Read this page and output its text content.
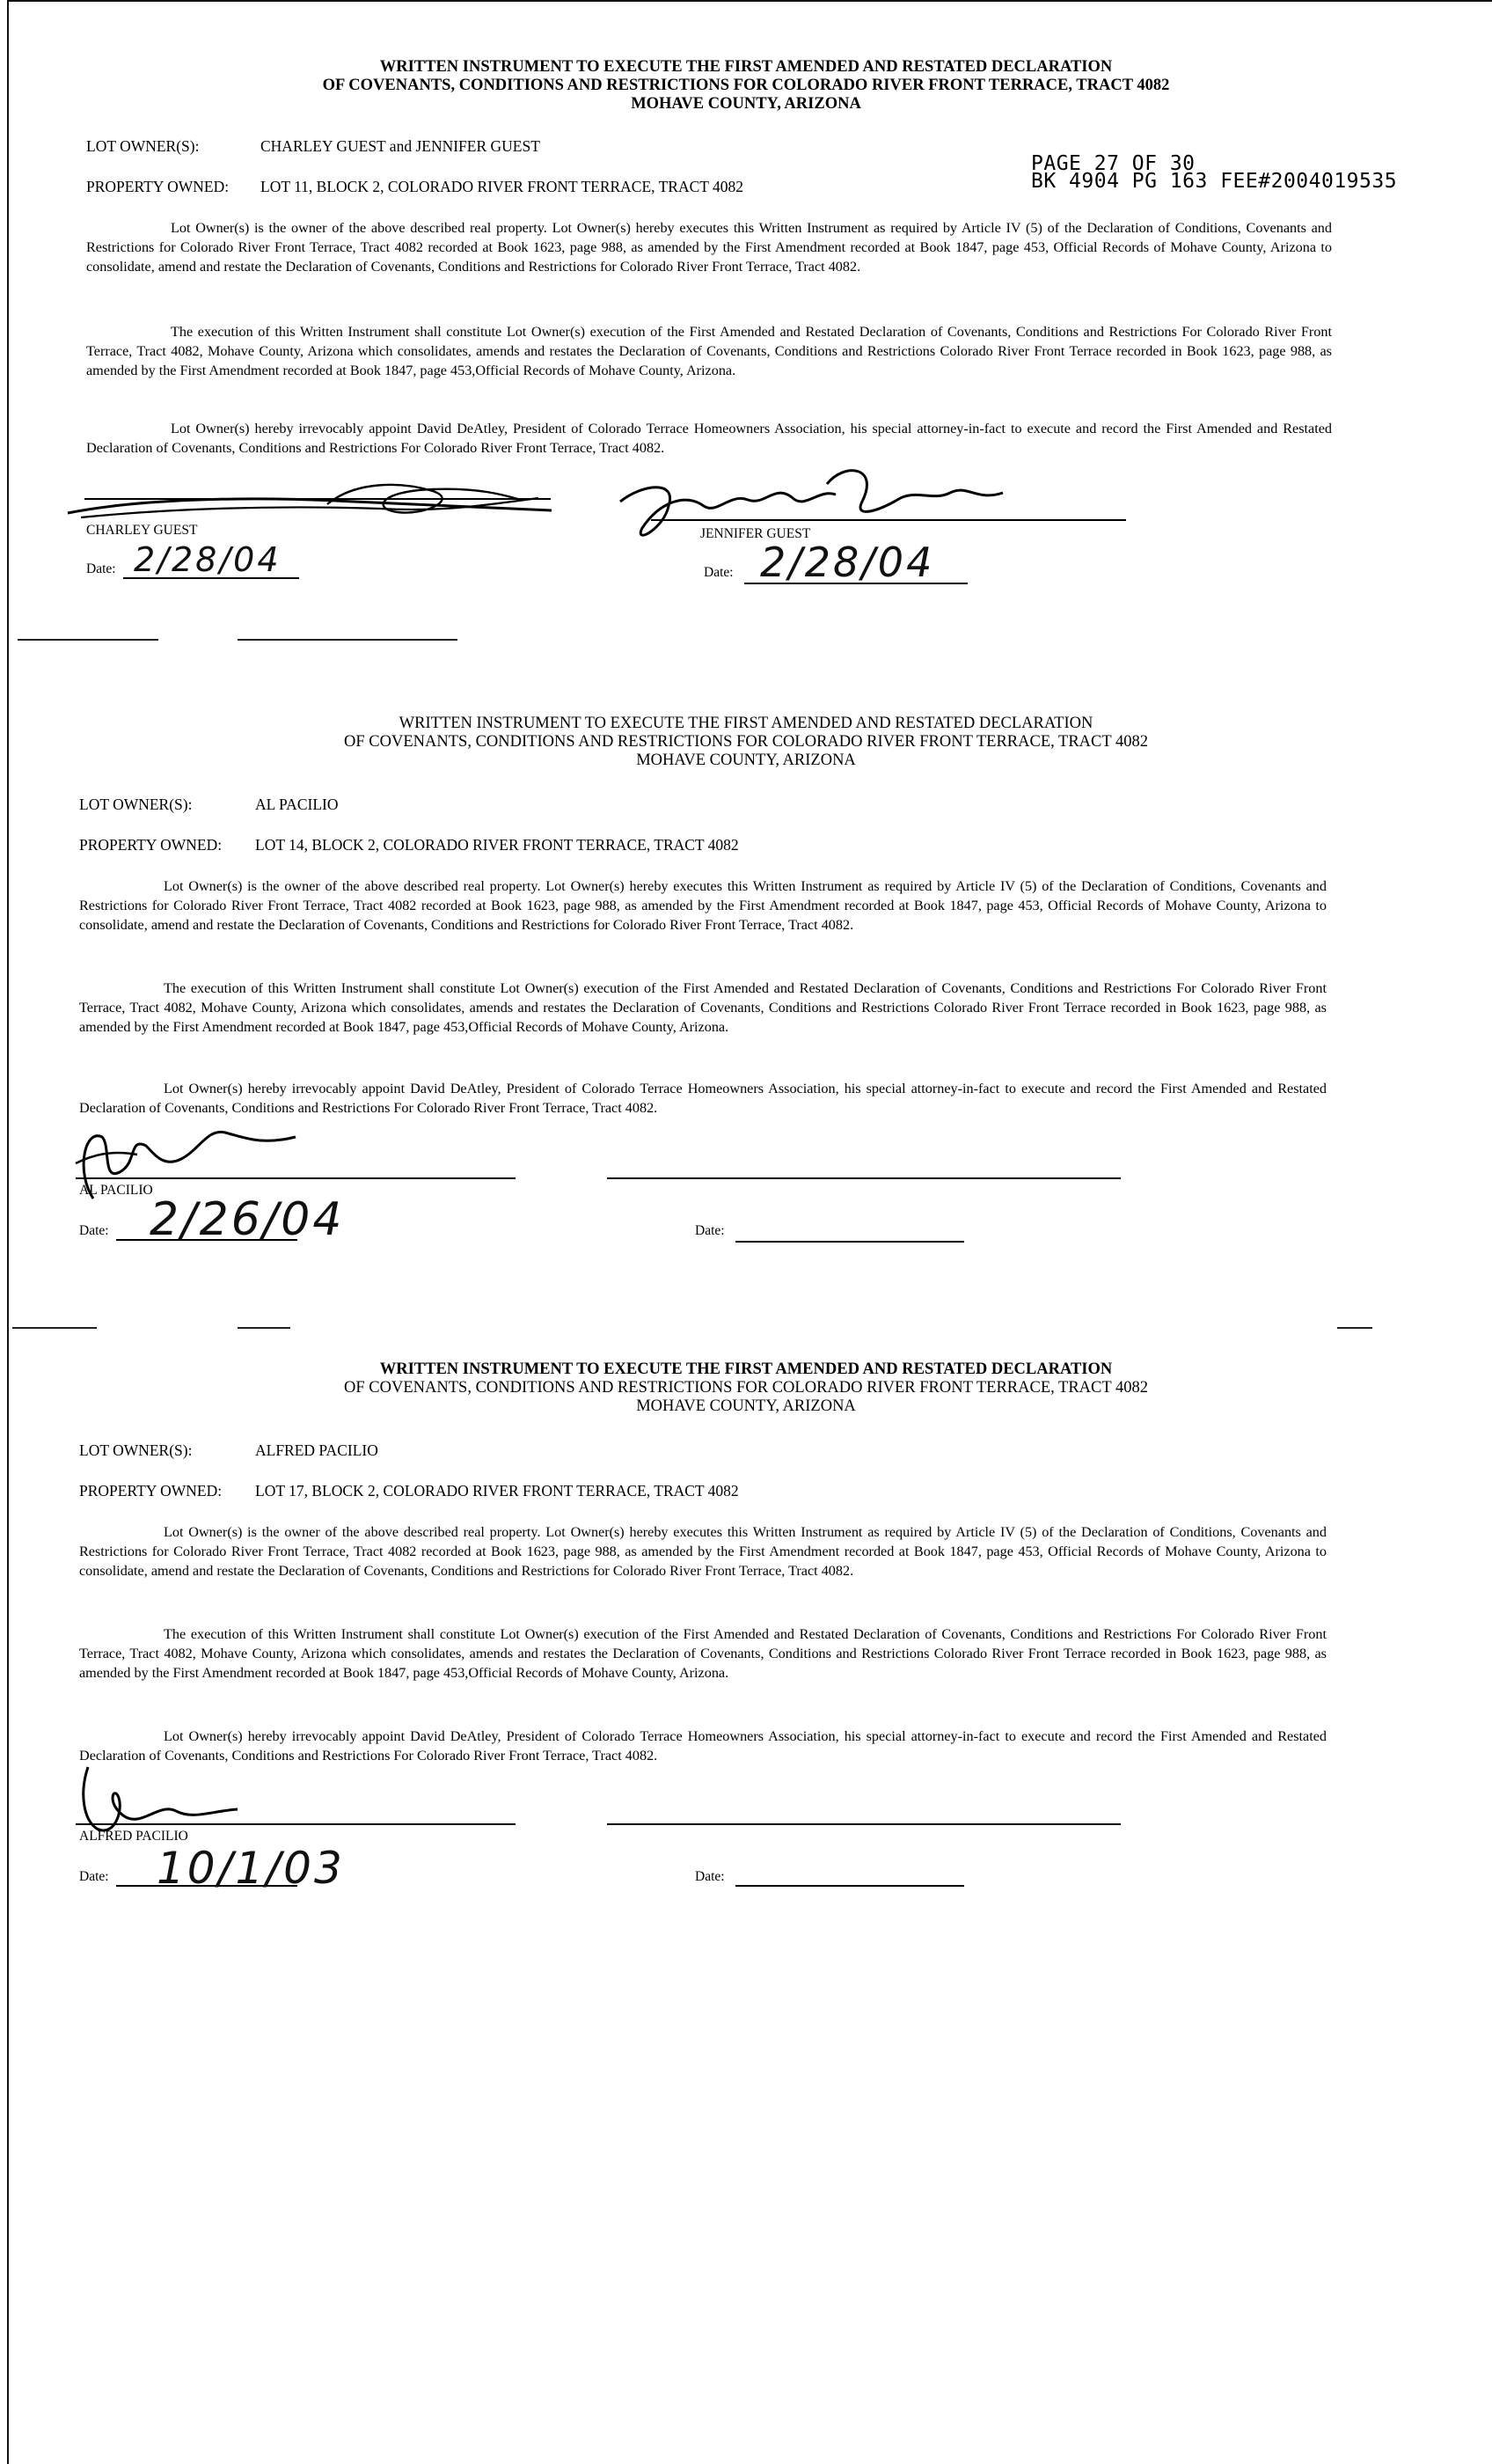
PAGE 27 OF 30
BK 4904 PG 163 FEE#2004019535
WRITTEN INSTRUMENT TO EXECUTE THE FIRST AMENDED AND RESTATED DECLARATION
OF COVENANTS, CONDITIONS AND RESTRICTIONS FOR COLORADO RIVER FRONT TERRACE, TRACT 4082
MOHAVE COUNTY, ARIZONA
LOT OWNER(S):	CHARLEY GUEST and JENNIFER GUEST
PROPERTY OWNED: LOT 11, BLOCK 2, COLORADO RIVER FRONT TERRACE, TRACT 4082
Lot Owner(s) is the owner of the above described real property. Lot Owner(s) hereby executes this Written Instrument as required by Article IV (5) of the Declaration of Conditions, Covenants and Restrictions for Colorado River Front Terrace, Tract 4082 recorded at Book 1623, page 988, as amended by the First Amendment recorded at Book 1847, page 453, Official Records of Mohave County, Arizona to consolidate, amend and restate the Declaration of Covenants, Conditions and Restrictions for Colorado River Front Terrace, Tract 4082.
The execution of this Written Instrument shall constitute Lot Owner(s) execution of the First Amended and Restated Declaration of Covenants, Conditions and Restrictions For Colorado River Front Terrace, Tract 4082, Mohave County, Arizona which consolidates, amends and restates the Declaration of Covenants, Conditions and Restrictions Colorado River Front Terrace recorded in Book 1623, page 988, as amended by the First Amendment recorded at Book 1847, page 453,Official Records of Mohave County, Arizona.
Lot Owner(s) hereby irrevocably appoint David DeAtley, President of Colorado Terrace Homeowners Association, his special attorney-in-fact to execute and record the First Amended and Restated Declaration of Covenants, Conditions and Restrictions For Colorado River Front Terrace, Tract 4082.
CHARLEY GUEST
Date: 2/28/04
JENNIFER GUEST
Date: 2/28/04
WRITTEN INSTRUMENT TO EXECUTE THE FIRST AMENDED AND RESTATED DECLARATION
OF COVENANTS, CONDITIONS AND RESTRICTIONS FOR COLORADO RIVER FRONT TERRACE, TRACT 4082
MOHAVE COUNTY, ARIZONA
LOT OWNER(S):	AL PACILIO
PROPERTY OWNED: LOT 14, BLOCK 2, COLORADO RIVER FRONT TERRACE, TRACT 4082
Lot Owner(s) is the owner of the above described real property. Lot Owner(s) hereby executes this Written Instrument as required by Article IV (5) of the Declaration of Conditions, Covenants and Restrictions for Colorado River Front Terrace, Tract 4082 recorded at Book 1623, page 988, as amended by the First Amendment recorded at Book 1847, page 453, Official Records of Mohave County, Arizona to consolidate, amend and restate the Declaration of Covenants, Conditions and Restrictions for Colorado River Front Terrace, Tract 4082.
The execution of this Written Instrument shall constitute Lot Owner(s) execution of the First Amended and Restated Declaration of Covenants, Conditions and Restrictions For Colorado River Front Terrace, Tract 4082, Mohave County, Arizona which consolidates, amends and restates the Declaration of Covenants, Conditions and Restrictions Colorado River Front Terrace recorded in Book 1623, page 988, as amended by the First Amendment recorded at Book 1847, page 453,Official Records of Mohave County, Arizona.
Lot Owner(s) hereby irrevocably appoint David DeAtley, President of Colorado Terrace Homeowners Association, his special attorney-in-fact to execute and record the First Amended and Restated Declaration of Covenants, Conditions and Restrictions For Colorado River Front Terrace, Tract 4082.
AL PACILIO
Date: 2/26/04	Date:
WRITTEN INSTRUMENT TO EXECUTE THE FIRST AMENDED AND RESTATED DECLARATION
OF COVENANTS, CONDITIONS AND RESTRICTIONS FOR COLORADO RIVER FRONT TERRACE, TRACT 4082
MOHAVE COUNTY, ARIZONA
LOT OWNER(S):	ALFRED PACILIO
PROPERTY OWNED: LOT 17, BLOCK 2, COLORADO RIVER FRONT TERRACE, TRACT 4082
Lot Owner(s) is the owner of the above described real property. Lot Owner(s) hereby executes this Written Instrument as required by Article IV (5) of the Declaration of Conditions, Covenants and Restrictions for Colorado River Front Terrace, Tract 4082 recorded at Book 1623, page 988, as amended by the First Amendment recorded at Book 1847, page 453, Official Records of Mohave County, Arizona to consolidate, amend and restate the Declaration of Covenants, Conditions and Restrictions for Colorado River Front Terrace, Tract 4082.
The execution of this Written Instrument shall constitute Lot Owner(s) execution of the First Amended and Restated Declaration of Covenants, Conditions and Restrictions For Colorado River Front Terrace, Tract 4082, Mohave County, Arizona which consolidates, amends and restates the Declaration of Covenants, Conditions and Restrictions Colorado River Front Terrace recorded in Book 1623, page 988, as amended by the First Amendment recorded at Book 1847, page 453,Official Records of Mohave County, Arizona.
Lot Owner(s) hereby irrevocably appoint David DeAtley, President of Colorado Terrace Homeowners Association, his special attorney-in-fact to execute and record the First Amended and Restated Declaration of Covenants, Conditions and Restrictions For Colorado River Front Terrace, Tract 4082.
ALFRED PACILIO
Date: 10/1/03	Date:
